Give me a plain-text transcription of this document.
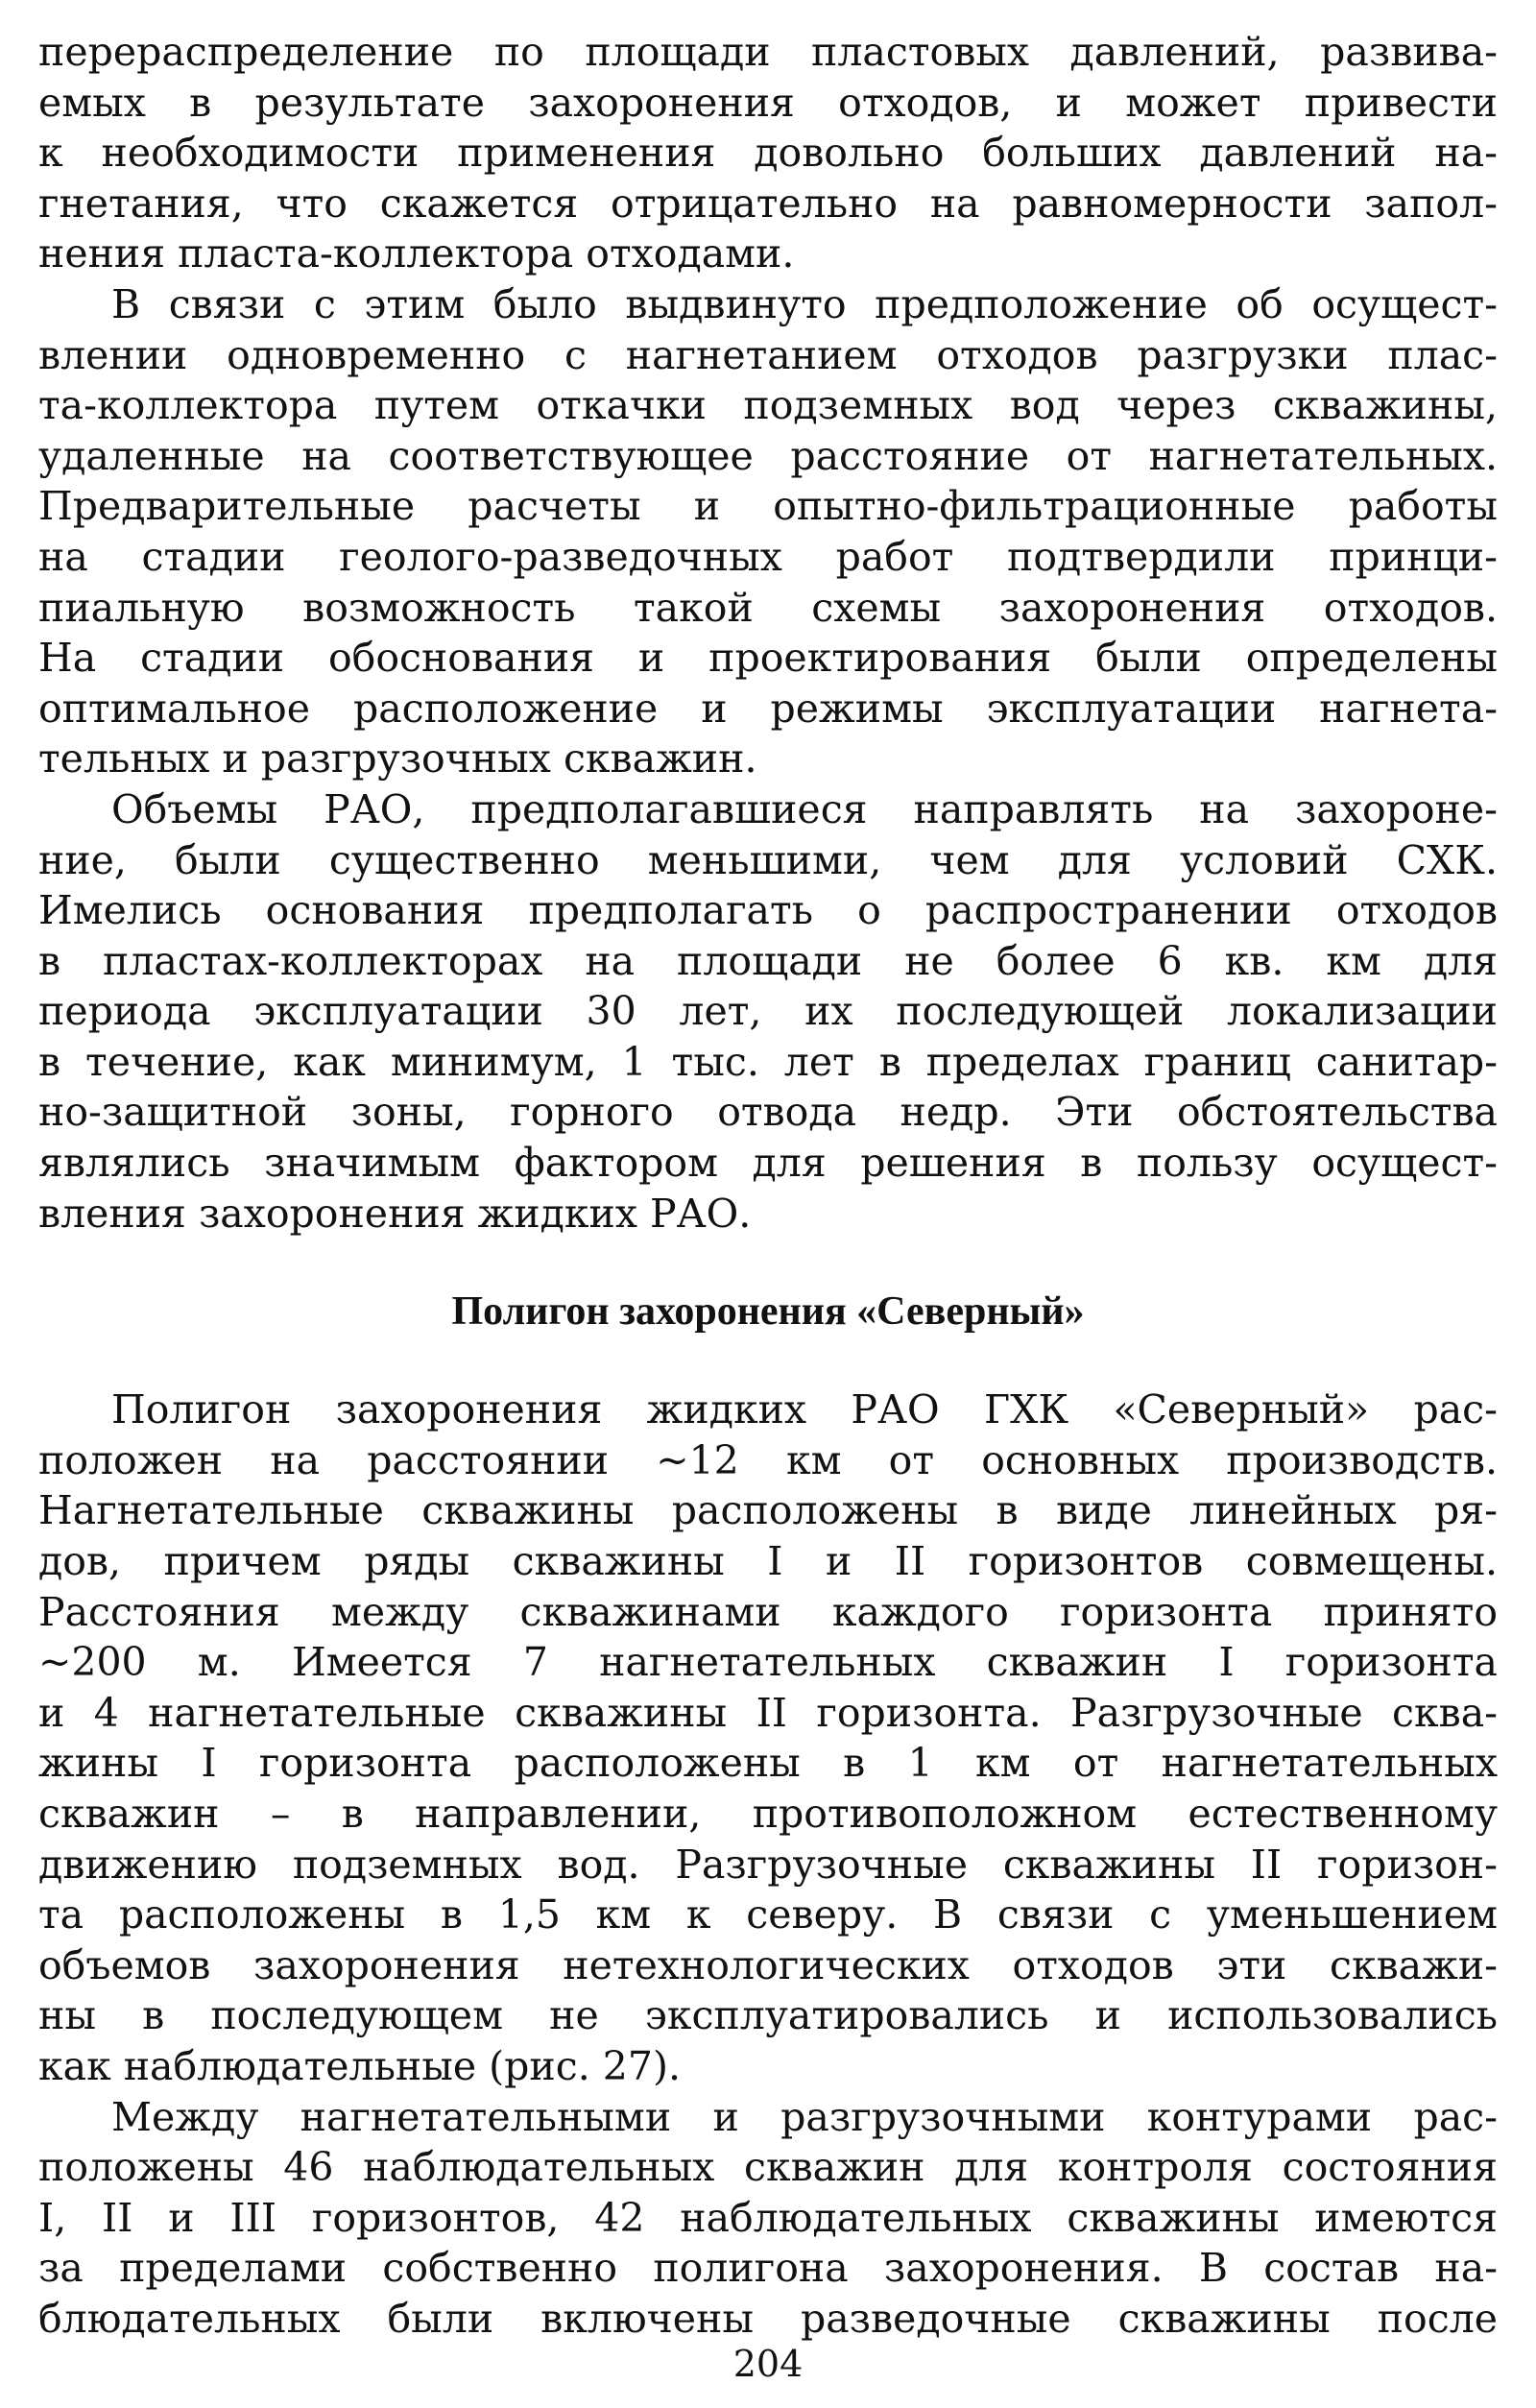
перераспределение по площади пластовых давлений, развива-
емых в результате захоронения отходов, и может привести
к необходимости применения довольно больших давлений на-
гнетания, что скажется отрицательно на равномерности запол-
нения пласта-коллектора отходами.
В связи с этим было выдвинуто предположение об осущест-
влении одновременно с нагнетанием отходов разгрузки плас-
та-коллектора путем откачки подземных вод через скважины,
удаленные на соответствующее расстояние от нагнетательных.
Предварительные расчеты и опытно-фильтрационные работы
на стадии геолого-разведочных работ подтвердили принци-
пиальную возможность такой схемы захоронения отходов.
На стадии обоснования и проектирования были определены
оптимальное расположение и режимы эксплуатации нагнета-
тельных и разгрузочных скважин.
Объемы РАО, предполагавшиеся направлять на захороне-
ние, были существенно меньшими, чем для условий СХК.
Имелись основания предполагать о распространении отходов
в пластах-коллекторах на площади не более 6 кв. км для
периода эксплуатации 30 лет, их последующей локализации
в течение, как минимум, 1 тыс. лет в пределах границ санитар-
но-защитной зоны, горного отвода недр. Эти обстоятельства
являлись значимым фактором для решения в пользу осущест-
вления захоронения жидких РАО.
Полигон захоронения «Северный»
Полигон захоронения жидких РАО ГХК «Северный» рас-
положен на расстоянии ~12 км от основных производств.
Нагнетательные скважины расположены в виде линейных ря-
дов, причем ряды скважины I и II горизонтов совмещены.
Расстояния между скважинами каждого горизонта принято
~200 м. Имеется 7 нагнетательных скважин I горизонта
и 4 нагнетательные скважины II горизонта. Разгрузочные сква-
жины I горизонта расположены в 1 км от нагнетательных
скважин – в направлении, противоположном естественному
движению подземных вод. Разгрузочные скважины II горизон-
та расположены в 1,5 км к северу. В связи с уменьшением
объемов захоронения нетехнологических отходов эти скважи-
ны в последующем не эксплуатировались и использовались
как наблюдательные (рис. 27).
Между нагнетательными и разгрузочными контурами рас-
положены 46 наблюдательных скважин для контроля состояния
I, II и III горизонтов, 42 наблюдательных скважины имеются
за пределами собственно полигона захоронения. В состав на-
блюдательных были включены разведочные скважины после
204
